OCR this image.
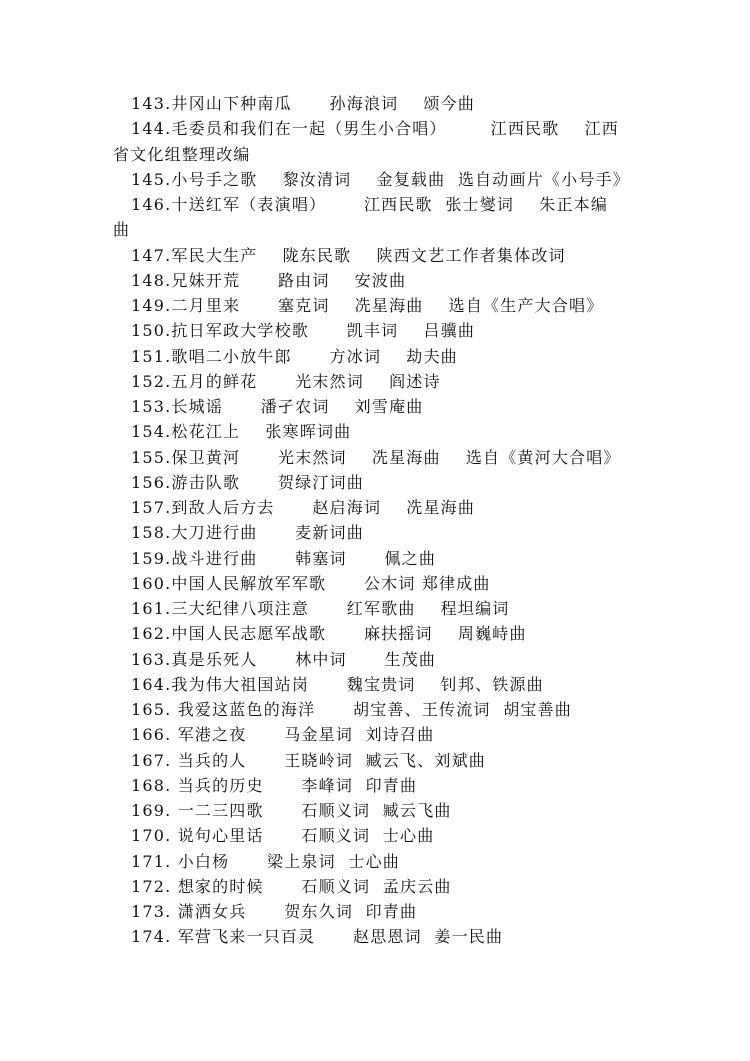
143.井冈山下种南瓜      孙海浪词    颂今曲
144.毛委员和我们在一起（男生小合唱）       江西民歌    江西
省文化组整理改编
145.小号手之歌    黎汝清词    金复载曲  选自动画片《小号手》
146.十送红军（表演唱）      江西民歌  张士燮词    朱正本编
曲
147.军民大生产    陇东民歌    陕西文艺工作者集体改词
148.兄妹开荒      路由词    安波曲
149.二月里来      塞克词    冼星海曲    选自《生产大合唱》
150.抗日军政大学校歌      凯丰词    吕骥曲
151.歌唱二小放牛郎      方冰词    劫夫曲
152.五月的鲜花      光末然词    阎述诗
153.长城谣      潘孑农词    刘雪庵曲
154.松花江上    张寒晖词曲
155.保卫黄河      光末然词    冼星海曲    选自《黄河大合唱》
156.游击队歌      贺绿汀词曲
157.到敌人后方去      赵启海词    冼星海曲
158.大刀进行曲      麦新词曲
159.战斗进行曲      韩塞词      佩之曲
160.中国人民解放军军歌      公木词 郑律成曲
161.三大纪律八项注意      红军歌曲    程坦编词
162.中国人民志愿军战歌      麻扶摇词    周巍峙曲
163.真是乐死人      林中词      生茂曲
164.我为伟大祖国站岗      魏宝贵词    钊邦、铁源曲
165. 我爱这蓝色的海洋      胡宝善、王传流词  胡宝善曲
166. 军港之夜      马金星词  刘诗召曲
167. 当兵的人      王晓岭词  臧云飞、刘斌曲
168. 当兵的历史      李峰词  印青曲
169. 一二三四歌      石顺义词  臧云飞曲
170. 说句心里话      石顺义词  士心曲
171. 小白杨      梁上泉词  士心曲
172. 想家的时候      石顺义词  孟庆云曲
173. 潇洒女兵      贺东久词  印青曲
174. 军营飞来一只百灵      赵思恩词  姜一民曲
